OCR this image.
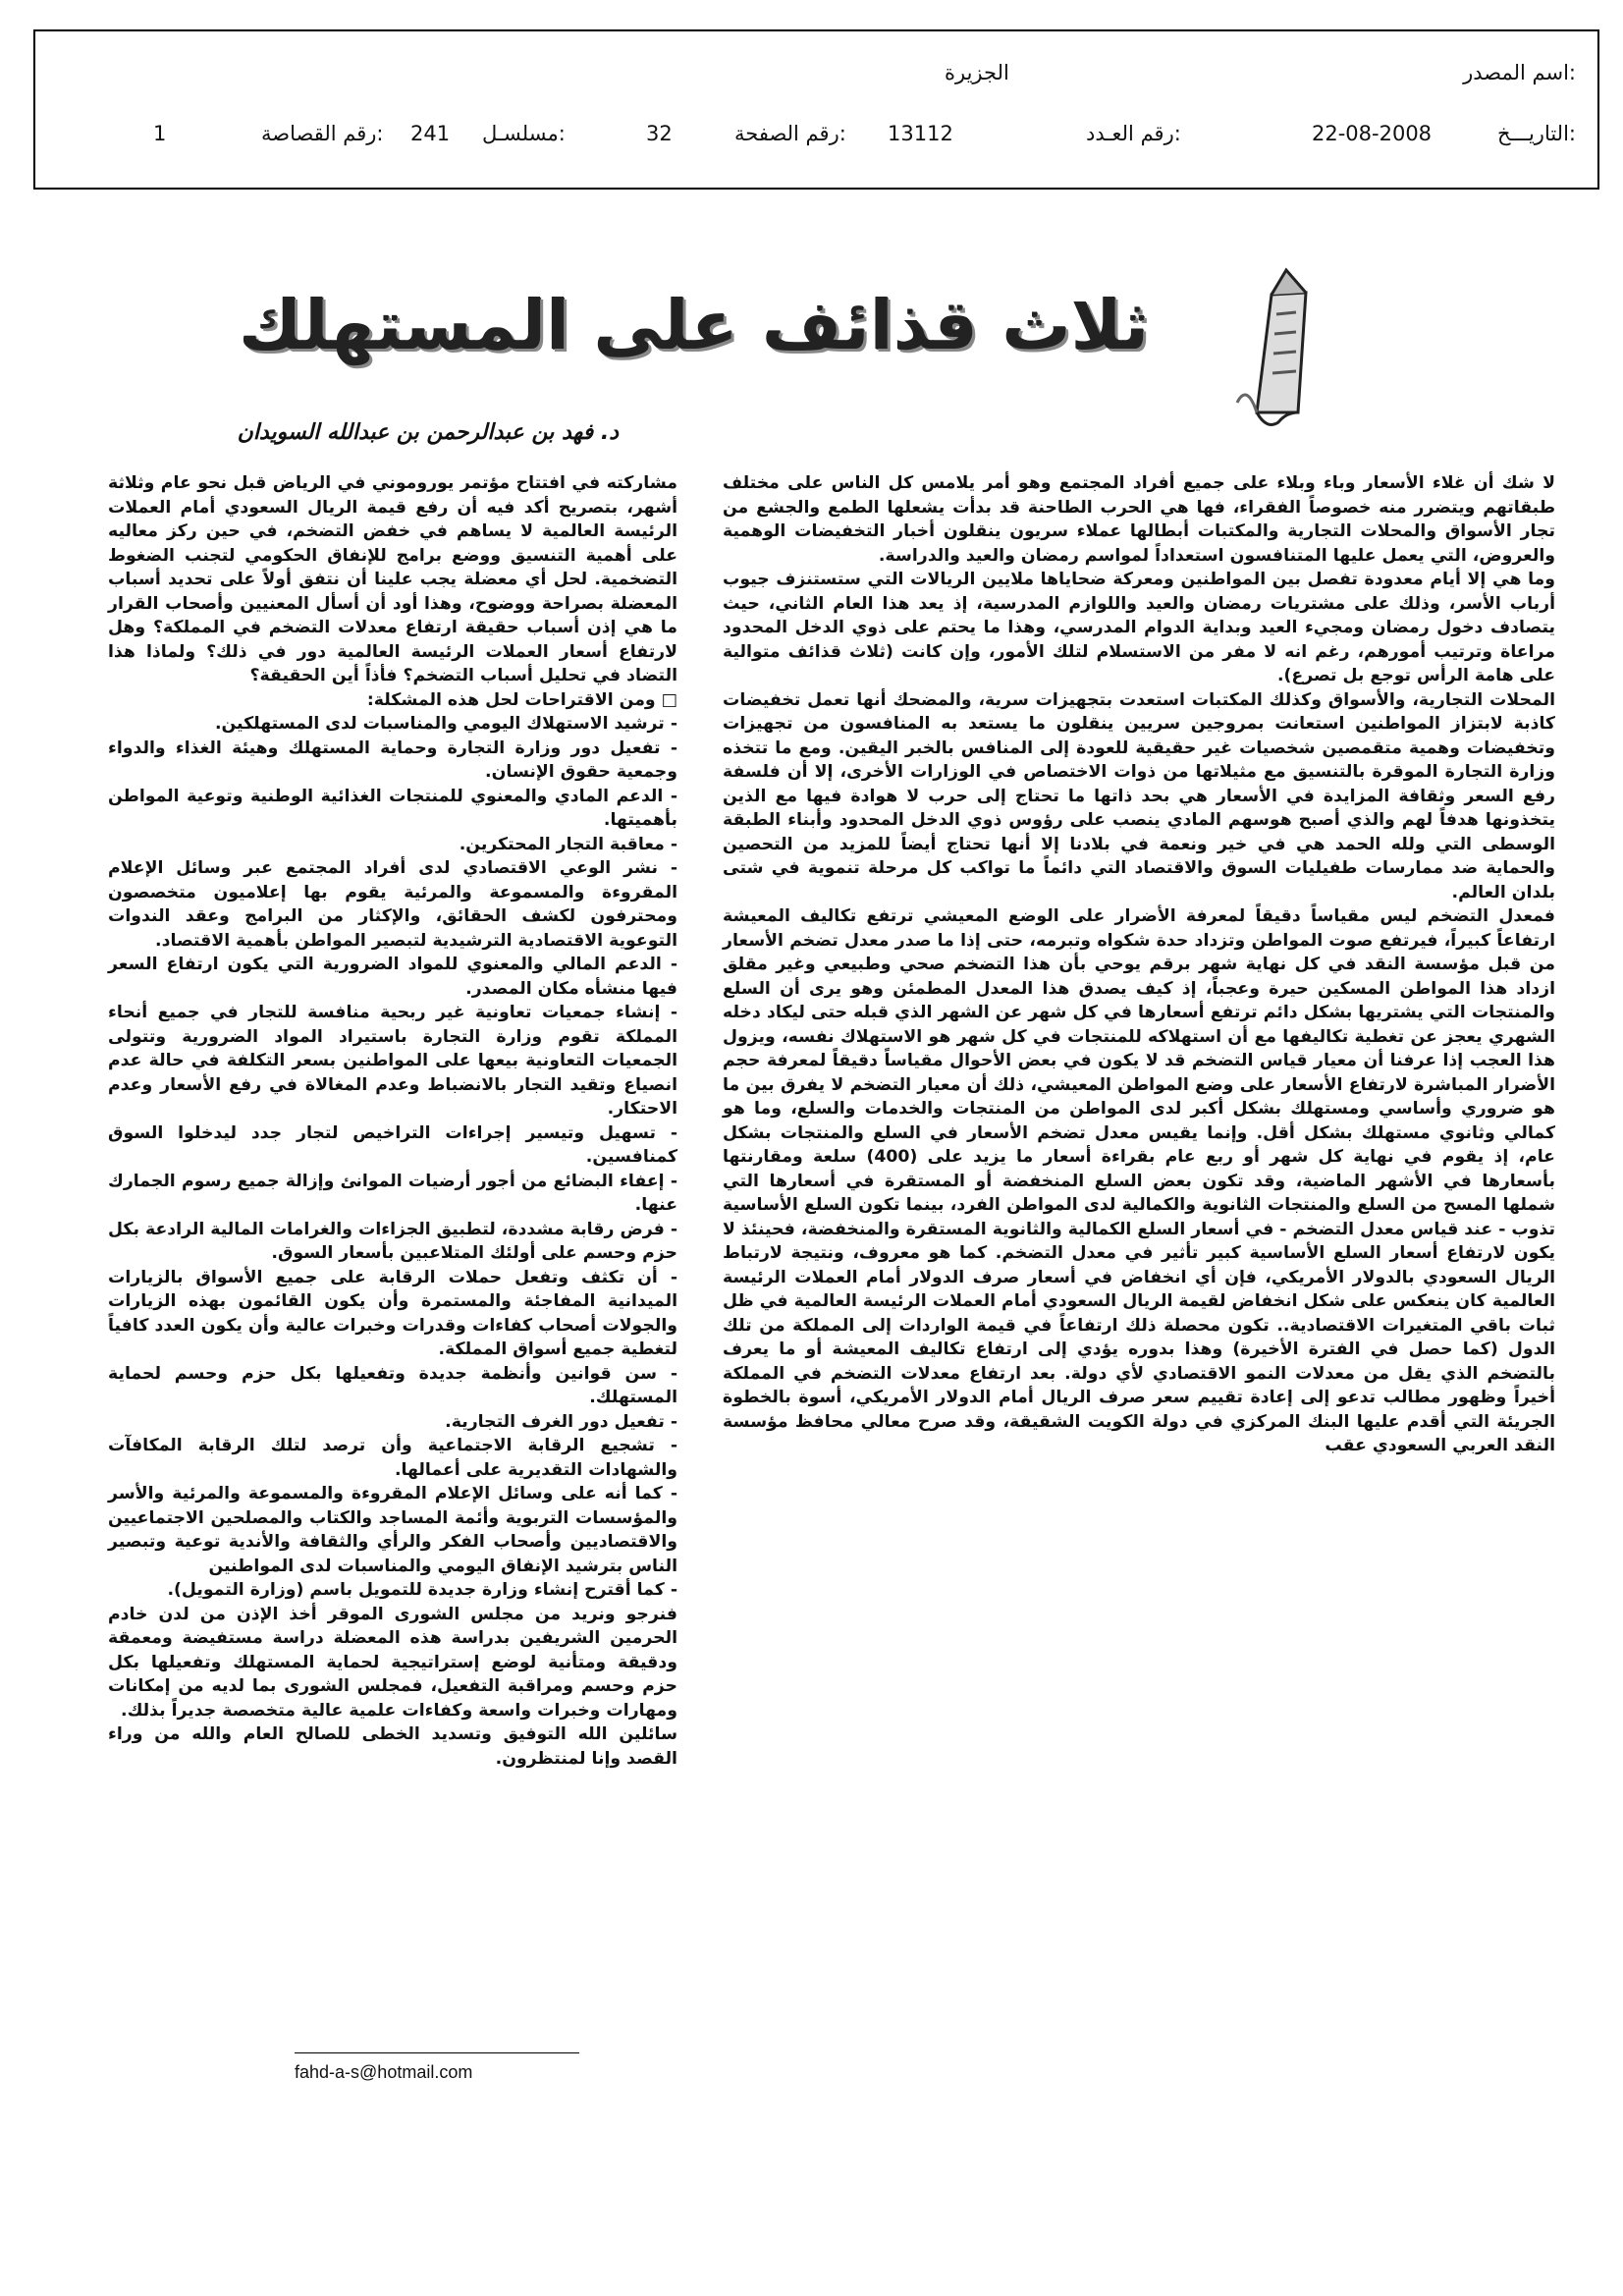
اسم المصدر:
الجزيرة
التاريـــخ:
22-08-2008
رقم العـدد:
13112
رقم الصفحة:
32
مسلسـل:
241
رقم القصاصة:
1
ثلاث قذائف على المستهلك
د. فهد بن عبدالرحمن بن عبدالله السويدان

لا شك أن غلاء الأسعار وباء وبلاء على جميع أفراد المجتمع وهو أمر يلامس كل الناس على مختلف طبقاتهم ويتضرر منه خصوصاً الفقراء، فها هي الحرب الطاحنة قد بدأت يشعلها الطمع والجشع من تجار الأسواق والمحلات التجارية والمكتبات أبطالها عملاء سريون ينقلون أخبار التخفيضات الوهمية والعروض، التي يعمل عليها المتنافسون استعداداً لمواسم رمضان والعيد والدراسة.

وما هي إلا أيام معدودة تفصل بين المواطنين ومعركة ضحاياها ملايين الريالات التي ستستنزف جيوب أرباب الأسر، وذلك على مشتريات رمضان والعيد واللوازم المدرسية، إذ يعد هذا العام الثاني، حيث يتصادف دخول رمضان ومجيء العيد وبداية الدوام المدرسي، وهذا ما يحتم على ذوي الدخل المحدود مراعاة وترتيب أمورهم، رغم انه لا مفر من الاستسلام لتلك الأمور، وإن كانت (ثلاث قذائف متوالية على هامة الرأس توجع بل تصرع).

المحلات التجارية، والأسواق وكذلك المكتبات استعدت بتجهيزات سرية، والمضحك أنها تعمل تخفيضات كاذبة لابتزاز المواطنين استعانت بمروجين سريين ينقلون ما يستعد به المنافسون من تجهيزات وتخفيضات وهمية متقمصين شخصيات غير حقيقية للعودة إلى المنافس بالخبر اليقين. ومع ما تتخذه وزارة التجارة الموقرة بالتنسيق مع مثيلاتها من ذوات الاختصاص في الوزارات الأخرى، إلا أن فلسفة رفع السعر وثقافة المزايدة في الأسعار هي بحد ذاتها ما تحتاج إلى حرب لا هوادة فيها مع الذين يتخذونها هدفاً لهم والذي أصبح هوسهم المادي ينصب على رؤوس ذوي الدخل المحدود وأبناء الطبقة الوسطى التي ولله الحمد هي في خير ونعمة في بلادنا إلا أنها تحتاج أيضاً للمزيد من التحصين والحماية ضد ممارسات طفيليات السوق والاقتصاد التي دائماً ما تواكب كل مرحلة تنموية في شتى بلدان العالم.

فمعدل التضخم ليس مقياساً دقيقاً لمعرفة الأضرار على الوضع المعيشي ترتفع تكاليف المعيشة ارتفاعاً كبيراً، فيرتفع صوت المواطن وتزداد حدة شكواه وتبرمه، حتى إذا ما صدر معدل تضخم الأسعار من قبل مؤسسة النقد في كل نهاية شهر برقم يوحي بأن هذا التضخم صحي وطبيعي وغير مقلق ازداد هذا المواطن المسكين حيرة وعجباً، إذ كيف يصدق هذا المعدل المطمئن وهو يرى أن السلع والمنتجات التي يشتريها بشكل دائم ترتفع أسعارها في كل شهر عن الشهر الذي قبله حتى ليكاد دخله الشهري يعجز عن تغطية تكاليفها مع أن استهلاكه للمنتجات في كل شهر هو الاستهلاك نفسه، ويزول هذا العجب إذا عرفنا أن معيار قياس التضخم قد لا يكون في بعض الأحوال مقياساً دقيقاً لمعرفة حجم الأضرار المباشرة لارتفاع الأسعار على وضع المواطن المعيشي، ذلك أن معيار التضخم لا يفرق بين ما هو ضروري وأساسي ومستهلك بشكل أكبر لدى المواطن من المنتجات والخدمات والسلع، وما هو كمالي وثانوي مستهلك بشكل أقل. وإنما يقيس معدل تضخم الأسعار في السلع والمنتجات بشكل عام، إذ يقوم في نهاية كل شهر أو ربع عام بقراءة أسعار ما يزيد على (400) سلعة ومقارنتها بأسعارها في الأشهر الماضية، وقد تكون بعض السلع المنخفضة أو المستقرة في أسعارها التي شملها المسح من السلع والمنتجات الثانوية والكمالية لدى المواطن الفرد، بينما تكون السلع الأساسية تذوب - عند قياس معدل التضخم - في أسعار السلع الكمالية والثانوية المستقرة والمنخفضة، فحينئذ لا يكون لارتفاع أسعار السلع الأساسية كبير تأثير في معدل التضخم. كما هو معروف، ونتيجة لارتباط الريال السعودي بالدولار الأمريكي، فإن أي انخفاض في أسعار صرف الدولار أمام العملات الرئيسة العالمية كان ينعكس على شكل انخفاض لقيمة الريال السعودي أمام العملات الرئيسة العالمية في ظل ثبات باقي المتغيرات الاقتصادية.. تكون محصلة ذلك ارتفاعاً في قيمة الواردات إلى المملكة من تلك الدول (كما حصل في الفترة الأخيرة) وهذا بدوره يؤدي إلى ارتفاع تكاليف المعيشة أو ما يعرف بالتضخم الذي يقل من معدلات النمو الاقتصادي لأي دولة. بعد ارتفاع معدلات التضخم في المملكة أخيراً وظهور مطالب تدعو إلى إعادة تقييم سعر صرف الريال أمام الدولار الأمريكي، أسوة بالخطوة الجريئة التي أقدم عليها البنك المركزي في دولة الكويت الشقيقة، وقد صرح معالي محافظ مؤسسة النقد العربي السعودي عقب

مشاركته في افتتاح مؤتمر يوروموني في الرياض قبل نحو عام وثلاثة أشهر، بتصريح أكد فيه أن رفع قيمة الريال السعودي أمام العملات الرئيسة العالمية لا يساهم في خفض التضخم، في حين ركز معاليه على أهمية التنسيق ووضع برامج للإنفاق الحكومي لتجنب الضغوط التضخمية. لحل أي معضلة يجب علينا أن نتفق أولاً على تحديد أسباب المعضلة بصراحة ووضوح، وهذا أود أن أسأل المعنيين وأصحاب القرار ما هي إذن أسباب حقيقة ارتفاع معدلات التضخم في المملكة؟ وهل لارتفاع أسعار العملات الرئيسة العالمية دور في ذلك؟ ولماذا هذا التضاد في تحليل أسباب التضخم؟ فأذاً أين الحقيقة؟

□ ومن الاقتراحات لحل هذه المشكلة:

- ترشيد الاستهلاك اليومي والمناسبات لدى المستهلكين.

- تفعيل دور وزارة التجارة وحماية المستهلك وهيئة الغذاء والدواء وجمعية حقوق الإنسان.

- الدعم المادي والمعنوي للمنتجات الغذائية الوطنية وتوعية المواطن بأهميتها.

- معاقبة التجار المحتكرين.

- نشر الوعي الاقتصادي لدى أفراد المجتمع عبر وسائل الإعلام المقروءة والمسموعة والمرئية يقوم بها إعلاميون متخصصون ومحترفون لكشف الحقائق، والإكثار من البرامج وعقد الندوات التوعوية الاقتصادية الترشيدية لتبصير المواطن بأهمية الاقتصاد.

- الدعم المالي والمعنوي للمواد الضرورية التي يكون ارتفاع السعر فيها منشأه مكان المصدر.

- إنشاء جمعيات تعاونية غير ربحية منافسة للتجار في جميع أنحاء المملكة تقوم وزارة التجارة باستيراد المواد الضرورية وتتولى الجمعيات التعاونية بيعها على المواطنين بسعر التكلفة في حالة عدم انصياع وتقيد التجار بالانضباط وعدم المغالاة في رفع الأسعار وعدم الاحتكار.

- تسهيل وتيسير إجراءات التراخيص لتجار جدد ليدخلوا السوق كمنافسين.

- إعفاء البضائع من أجور أرضيات الموانئ وإزالة جميع رسوم الجمارك عنها.

- فرض رقابة مشددة، لتطبيق الجزاءات والغرامات المالية الرادعة بكل حزم وحسم على أولئك المتلاعبين بأسعار السوق.

- أن تكثف وتفعل حملات الرقابة على جميع الأسواق بالزيارات الميدانية المفاجئة والمستمرة وأن يكون القائمون بهذه الزيارات والجولات أصحاب كفاءات وقدرات وخبرات عالية وأن يكون العدد كافياً لتغطية جميع أسواق المملكة.

- سن قوانين وأنظمة جديدة وتفعيلها بكل حزم وحسم لحماية المستهلك.

- تفعيل دور الغرف التجارية.

- تشجيع الرقابة الاجتماعية وأن ترصد لتلك الرقابة المكافآت والشهادات التقديرية على أعمالها.

- كما أنه على وسائل الإعلام المقروءة والمسموعة والمرئية والأسر والمؤسسات التربوية وأئمة المساجد والكتاب والمصلحين الاجتماعيين والاقتصاديين وأصحاب الفكر والرأي والثقافة والأندية توعية وتبصير الناس بترشيد الإنفاق اليومي والمناسبات لدى المواطنين

- كما أقترح إنشاء وزارة جديدة للتمويل باسم (وزارة التمويل).

فنرجو ونريد من مجلس الشورى الموقر أخذ الإذن من لدن خادم الحرمين الشريفين بدراسة هذه المعضلة دراسة مستفيضة ومعمقة ودقيقة ومتأنية لوضع إستراتيجية لحماية المستهلك وتفعيلها بكل حزم وحسم ومراقبة التفعيل، فمجلس الشورى بما لديه من إمكانات ومهارات وخبرات واسعة وكفاءات علمية عالية متخصصة جديراً بذلك.

سائلين الله التوفيق وتسديد الخطى للصالح العام والله من وراء القصد وإنا لمنتظرون.

fahd-a-s@hotmail.com
